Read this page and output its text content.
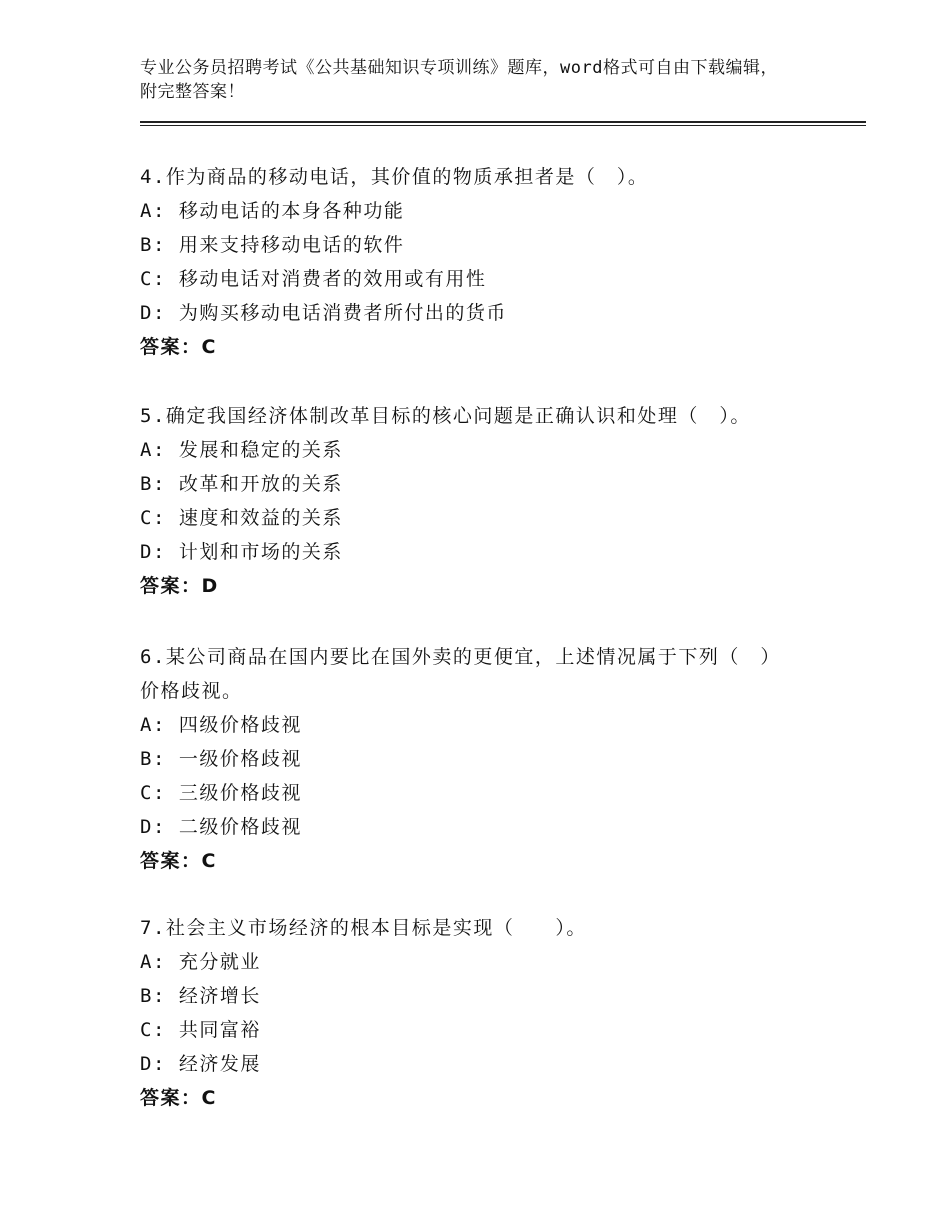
专业公务员招聘考试《公共基础知识专项训练》题库，word格式可自由下载编辑，附完整答案！

4.作为商品的移动电话，其价值的物质承担者是（　）。

A: 移动电话的本身各种功能

B: 用来支持移动电话的软件

C: 移动电话对消费者的效用或有用性

D: 为购买移动电话消费者所付出的货币

答案：C

5.确定我国经济体制改革目标的核心问题是正确认识和处理（　）。

A: 发展和稳定的关系

B: 改革和开放的关系

C: 速度和效益的关系

D: 计划和市场的关系

答案：D

6.某公司商品在国内要比在国外卖的更便宜，上述情况属于下列（　）价格歧视。

A: 四级价格歧视

B: 一级价格歧视

C: 三级价格歧视

D: 二级价格歧视

答案：C

7.社会主义市场经济的根本目标是实现（　　）。

A: 充分就业

B: 经济增长

C: 共同富裕

D: 经济发展

答案：C
